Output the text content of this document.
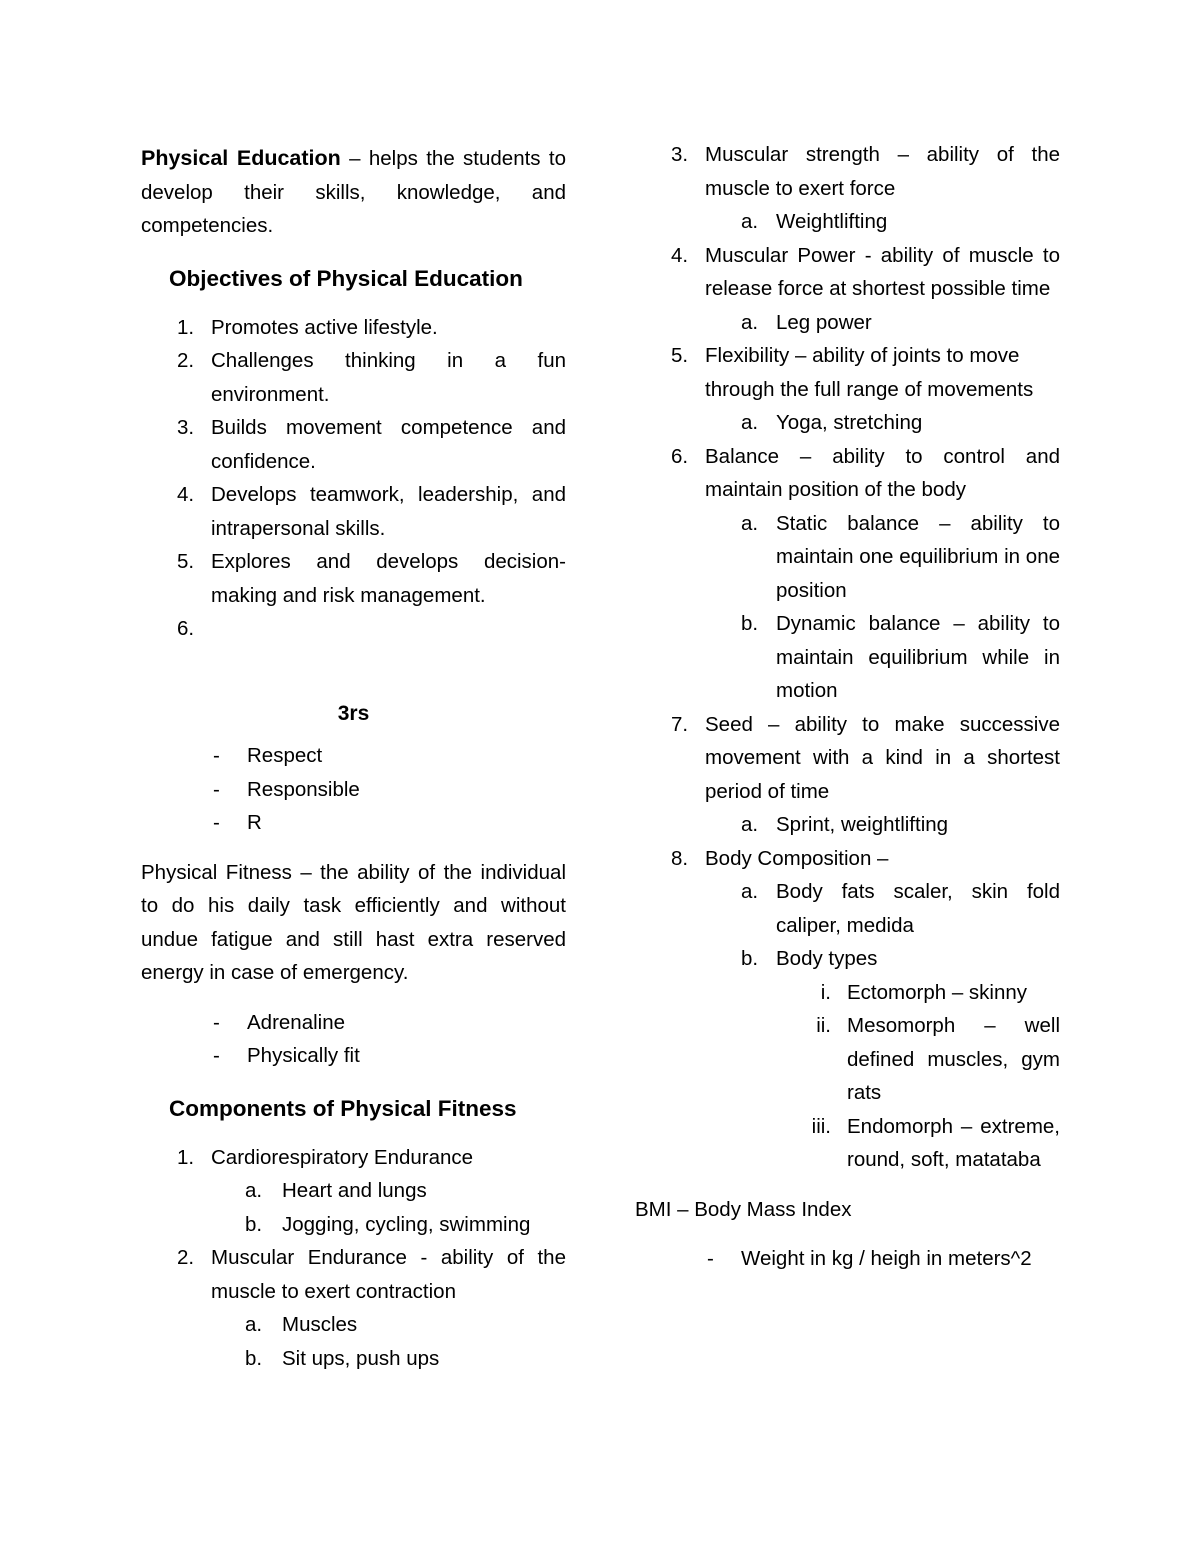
Physical Education – helps the students to develop their skills, knowledge, and competencies.

Objectives of Physical Education
1. Promotes active lifestyle.
2. Challenges thinking in a fun environment.
3. Builds movement competence and confidence.
4. Develops teamwork, leadership, and intrapersonal skills.
5. Explores and develops decision-making and risk management.
6.
3rs
- Respect
- Responsible
- R

Physical Fitness – the ability of the individual to do his daily task efficiently and without undue fatigue and still hast extra reserved energy in case of emergency.

- Adrenaline
- Physically fit
Components of Physical Fitness
1. Cardiorespiratory Endurance
a. Heart and lungs
b. Jogging, cycling, swimming
2. Muscular Endurance - ability of the muscle to exert contraction
a. Muscles
b. Sit ups, push ups
3. Muscular strength – ability of the muscle to exert force
a. Weightlifting
4. Muscular Power - ability of muscle to release force at shortest possible time
a. Leg power
5. Flexibility – ability of joints to move through the full range of movements
a. Yoga, stretching
6. Balance – ability to control and maintain position of the body
a. Static balance – ability to maintain one equilibrium in one position
b. Dynamic balance – ability to maintain equilibrium while in motion
7. Seed – ability to make successive movement with a kind in a shortest period of time
a. Sprint, weightlifting
8. Body Composition –
a. Body fats scaler, skin fold caliper, medida
b. Body types
i. Ectomorph – skinny
ii. Mesomorph – well defined muscles, gym rats
iii. Endomorph – extreme, round, soft, matataba

BMI – Body Mass Index

- Weight in kg / heigh in meters^2
